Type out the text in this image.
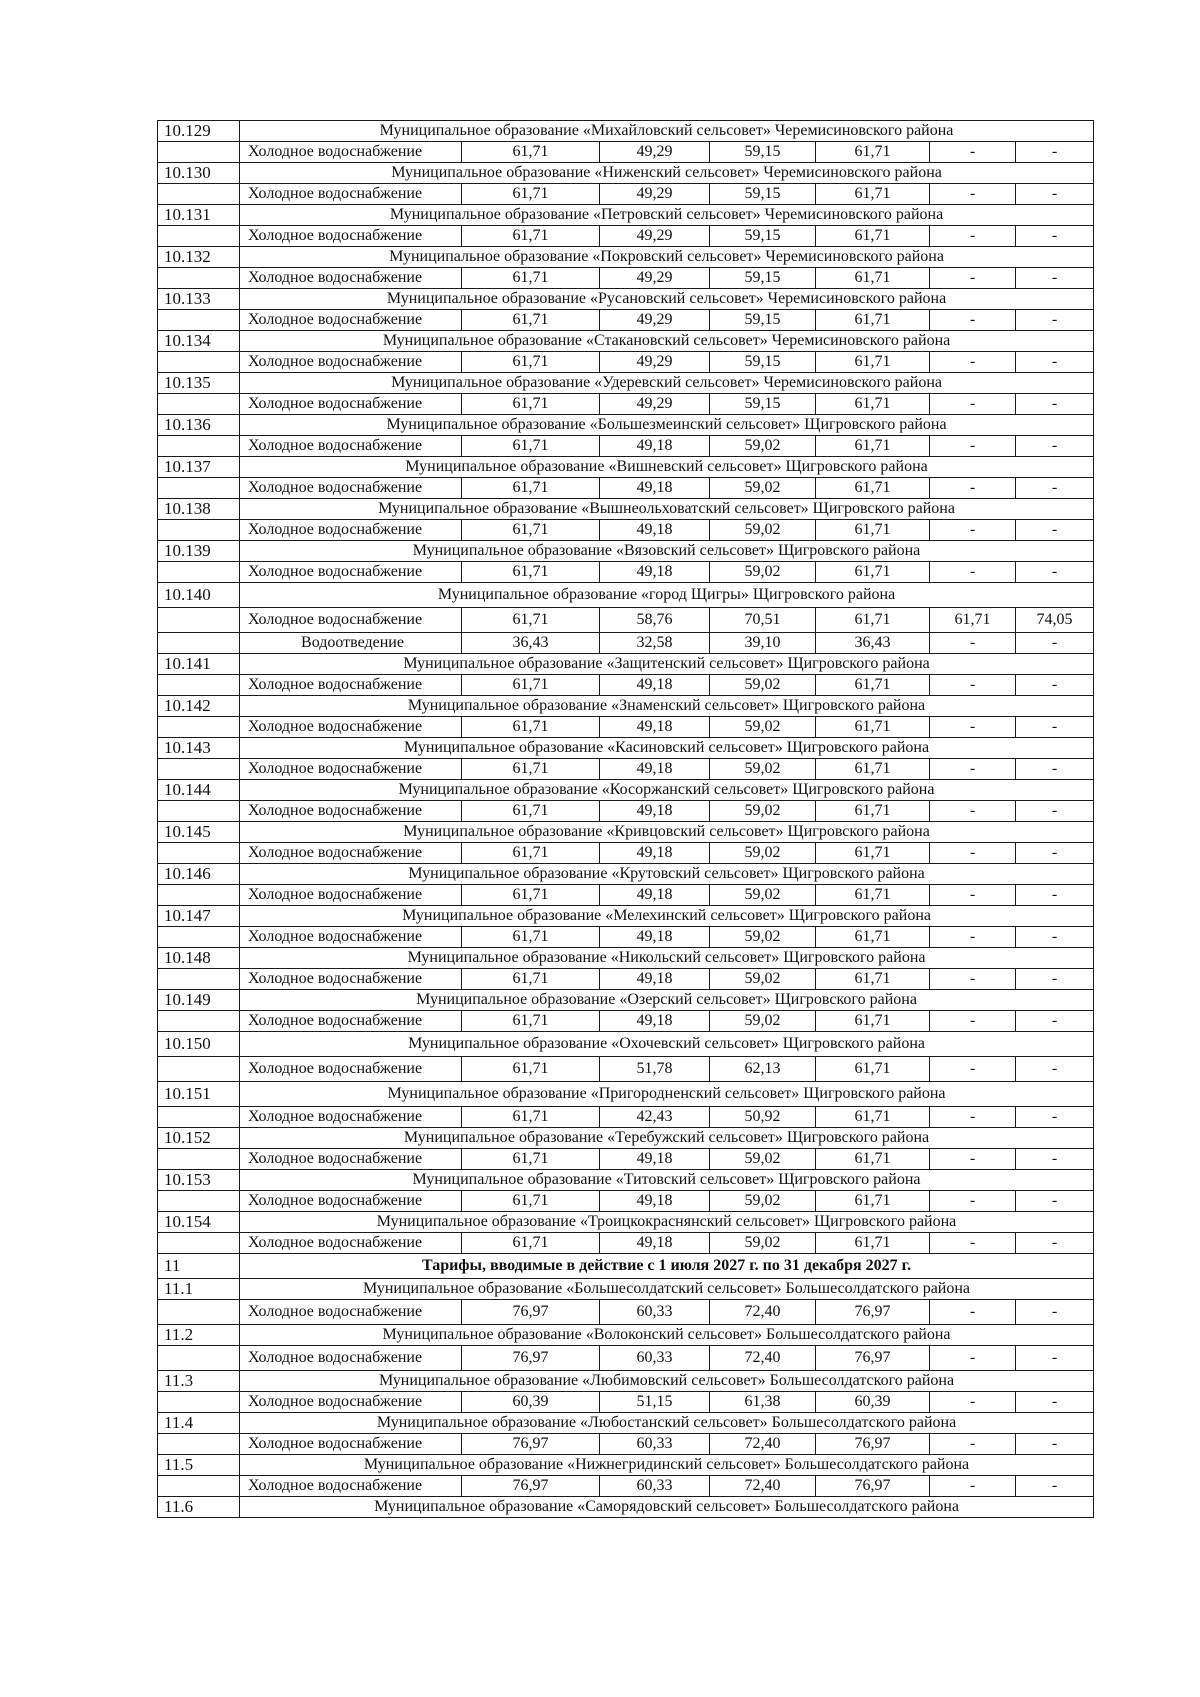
10.129	Муниципальное образование «Михайловский сельсовет» Черемисиновского района						
	Холодное водоснабжение	61,71	49,29	59,15	61,71	-	-
10.130	Муниципальное образование «Ниженский сельсовет» Черемисиновского района						
	Холодное водоснабжение	61,71	49,29	59,15	61,71	-	-
10.131	Муниципальное образование «Петровский сельсовет» Черемисиновского района						
	Холодное водоснабжение	61,71	49,29	59,15	61,71	-	-
10.132	Муниципальное образование «Покровский сельсовет» Черемисиновского района						
	Холодное водоснабжение	61,71	49,29	59,15	61,71	-	-
10.133	Муниципальное образование «Русановский сельсовет» Черемисиновского района						
	Холодное водоснабжение	61,71	49,29	59,15	61,71	-	-
10.134	Муниципальное образование «Стакановский сельсовет» Черемисиновского района						
	Холодное водоснабжение	61,71	49,29	59,15	61,71	-	-
10.135	Муниципальное образование «Удеревский сельсовет» Черемисиновского района						
	Холодное водоснабжение	61,71	49,29	59,15	61,71	-	-
10.136	Муниципальное образование «Большезмеинский сельсовет» Щигровского района						
	Холодное водоснабжение	61,71	49,18	59,02	61,71	-	-
10.137	Муниципальное образование «Вишневский сельсовет» Щигровского района						
	Холодное водоснабжение	61,71	49,18	59,02	61,71	-	-
10.138	Муниципальное образование «Вышнеольховатский сельсовет» Щигровского района						
	Холодное водоснабжение	61,71	49,18	59,02	61,71	-	-
10.139	Муниципальное образование «Вязовский сельсовет» Щигровского района						
	Холодное водоснабжение	61,71	49,18	59,02	61,71	-	-
10.140	Муниципальное образование «город Щигры» Щигровского района						
	Холодное водоснабжение	61,71	58,76	70,51	61,71	61,71	74,05
	Водоотведение	36,43	32,58	39,10	36,43	-	-
10.141	Муниципальное образование «Защитенский сельсовет» Щигровского района						
	Холодное водоснабжение	61,71	49,18	59,02	61,71	-	-
10.142	Муниципальное образование «Знаменский сельсовет» Щигровского района						
	Холодное водоснабжение	61,71	49,18	59,02	61,71	-	-
10.143	Муниципальное образование «Касиновский сельсовет» Щигровского района						
	Холодное водоснабжение	61,71	49,18	59,02	61,71	-	-
10.144	Муниципальное образование «Косоржанский сельсовет» Щигровского района						
	Холодное водоснабжение	61,71	49,18	59,02	61,71	-	-
10.145	Муниципальное образование «Кривцовский сельсовет» Щигровского района						
	Холодное водоснабжение	61,71	49,18	59,02	61,71	-	-
10.146	Муниципальное образование «Крутовский сельсовет» Щигровского района						
	Холодное водоснабжение	61,71	49,18	59,02	61,71	-	-
10.147	Муниципальное образование «Мелехинский сельсовет» Щигровского района						
	Холодное водоснабжение	61,71	49,18	59,02	61,71	-	-
10.148	Муниципальное образование «Никольский сельсовет» Щигровского района						
	Холодное водоснабжение	61,71	49,18	59,02	61,71	-	-
10.149	Муниципальное образование «Озерский сельсовет» Щигровского района						
	Холодное водоснабжение	61,71	49,18	59,02	61,71	-	-
10.150	Муниципальное образование «Охочевский сельсовет» Щигровского района						
	Холодное водоснабжение	61,71	51,78	62,13	61,71	-	-
10.151	Муниципальное образование «Пригородненский сельсовет» Щигровского района						
	Холодное водоснабжение	61,71	42,43	50,92	61,71	-	-
10.152	Муниципальное образование «Теребужский сельсовет» Щигровского района						
	Холодное водоснабжение	61,71	49,18	59,02	61,71	-	-
10.153	Муниципальное образование «Титовский сельсовет» Щигровского района						
	Холодное водоснабжение	61,71	49,18	59,02	61,71	-	-
10.154	Муниципальное образование «Троицкокраснянский сельсовет» Щигровского района						
	Холодное водоснабжение	61,71	49,18	59,02	61,71	-	-
11	Тарифы, вводимые в действие с 1 июля 2027 г. по 31 декабря 2027 г.						
11.1	Муниципальное образование «Большесолдатский сельсовет» Большесолдатского района						
	Холодное водоснабжение	76,97	60,33	72,40	76,97	-	-
11.2	Муниципальное образование «Волоконский сельсовет» Большесолдатского района						
	Холодное водоснабжение	76,97	60,33	72,40	76,97	-	-
11.3	Муниципальное образование «Любимовский сельсовет» Большесолдатского района						
	Холодное водоснабжение	60,39	51,15	61,38	60,39	-	-
11.4	Муниципальное образование «Любостанский сельсовет» Большесолдатского района						
	Холодное водоснабжение	76,97	60,33	72,40	76,97	-	-
11.5	Муниципальное образование «Нижнегридинский сельсовет» Большесолдатского района						
	Холодное водоснабжение	76,97	60,33	72,40	76,97	-	-
11.6	Муниципальное образование «Саморядовский сельсовет» Большесолдатского района						
